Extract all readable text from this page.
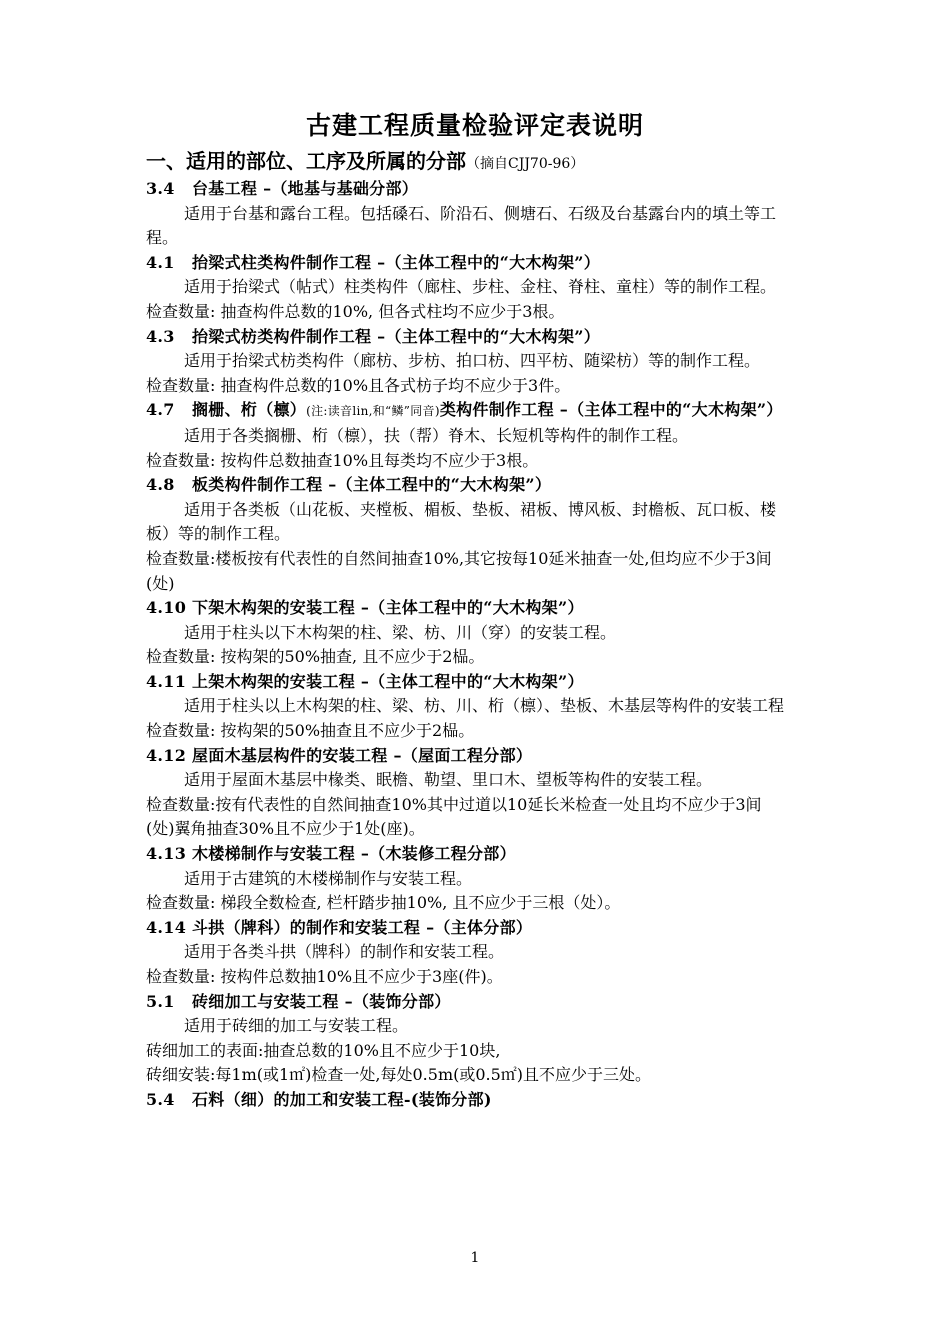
古建工程质量检验评定表说明
一、适用的部位、工序及所属的分部（摘自CJJ70-96）
3.4 台基工程 –（地基与基础分部）
适用于台基和露台工程。包括磉石、阶沿石、侧塘石、石级及台基露台内的填土等工程。
4.1 抬梁式柱类构件制作工程 –（主体工程中的“大木构架”）
适用于抬梁式（帖式）柱类构件（廊柱、步柱、金柱、脊柱、童柱）等的制作工程。
检查数量: 抽查构件总数的10%, 但各式柱均不应少于3根。
4.3 抬梁式枋类构件制作工程 –（主体工程中的“大木构架”）
适用于抬梁式枋类构件（廊枋、步枋、拍口枋、四平枋、随梁枋）等的制作工程。
检查数量: 抽查构件总数的10%且各式枋子均不应少于3件。
4.7 搁栅、桁（檩）(注:读音lin,和“鳞”同音)类构件制作工程 –（主体工程中的“大木构架”）
适用于各类搁栅、桁（檩），扶（帮）脊木、长短机等构件的制作工程。
检查数量: 按构件总数抽查10%且每类均不应少于3根。
4.8 板类构件制作工程 –（主体工程中的“大木构架”）
适用于各类板（山花板、夹樘板、楣板、垫板、裙板、博风板、封檐板、瓦口板、楼板）等的制作工程。
检查数量:楼板按有代表性的自然间抽查10%,其它按每10延米抽查一处,但均应不少于3间(处)
4.10 下架木构架的安装工程 –（主体工程中的“大木构架”）
适用于柱头以下木构架的柱、梁、枋、川（穿）的安装工程。
检查数量: 按构架的50%抽查, 且不应少于2榀。
4.11 上架木构架的安装工程 –（主体工程中的“大木构架”）
适用于柱头以上木构架的柱、梁、枋、川、桁（檩）、垫板、木基层等构件的安装工程
检查数量: 按构架的50%抽查且不应少于2榀。
4.12 屋面木基层构件的安装工程 –（屋面工程分部）
适用于屋面木基层中椽类、眠檐、勒望、里口木、望板等构件的安装工程。
检查数量:按有代表性的自然间抽查10%其中过道以10延长米检查一处且均不应少于3间(处)翼角抽查30%且不应少于1处(座)。
4.13 木楼梯制作与安装工程 –（木装修工程分部）
适用于古建筑的木楼梯制作与安装工程。
检查数量: 梯段全数检查, 栏杆踏步抽10%, 且不应少于三根（处）。
4.14 斗拱（牌科）的制作和安装工程 –（主体分部）
适用于各类斗拱（牌科）的制作和安装工程。
检查数量: 按构件总数抽10%且不应少于3座(件)。
5.1 砖细加工与安装工程 –（装饰分部）
适用于砖细的加工与安装工程。
砖细加工的表面:抽查总数的10%且不应少于10块,
砖细安装:每1m(或1㎡)检查一处,每处0.5m(或0.5㎡)且不应少于三处。
5.4 石料（细）的加工和安装工程-(装饰分部)
1
